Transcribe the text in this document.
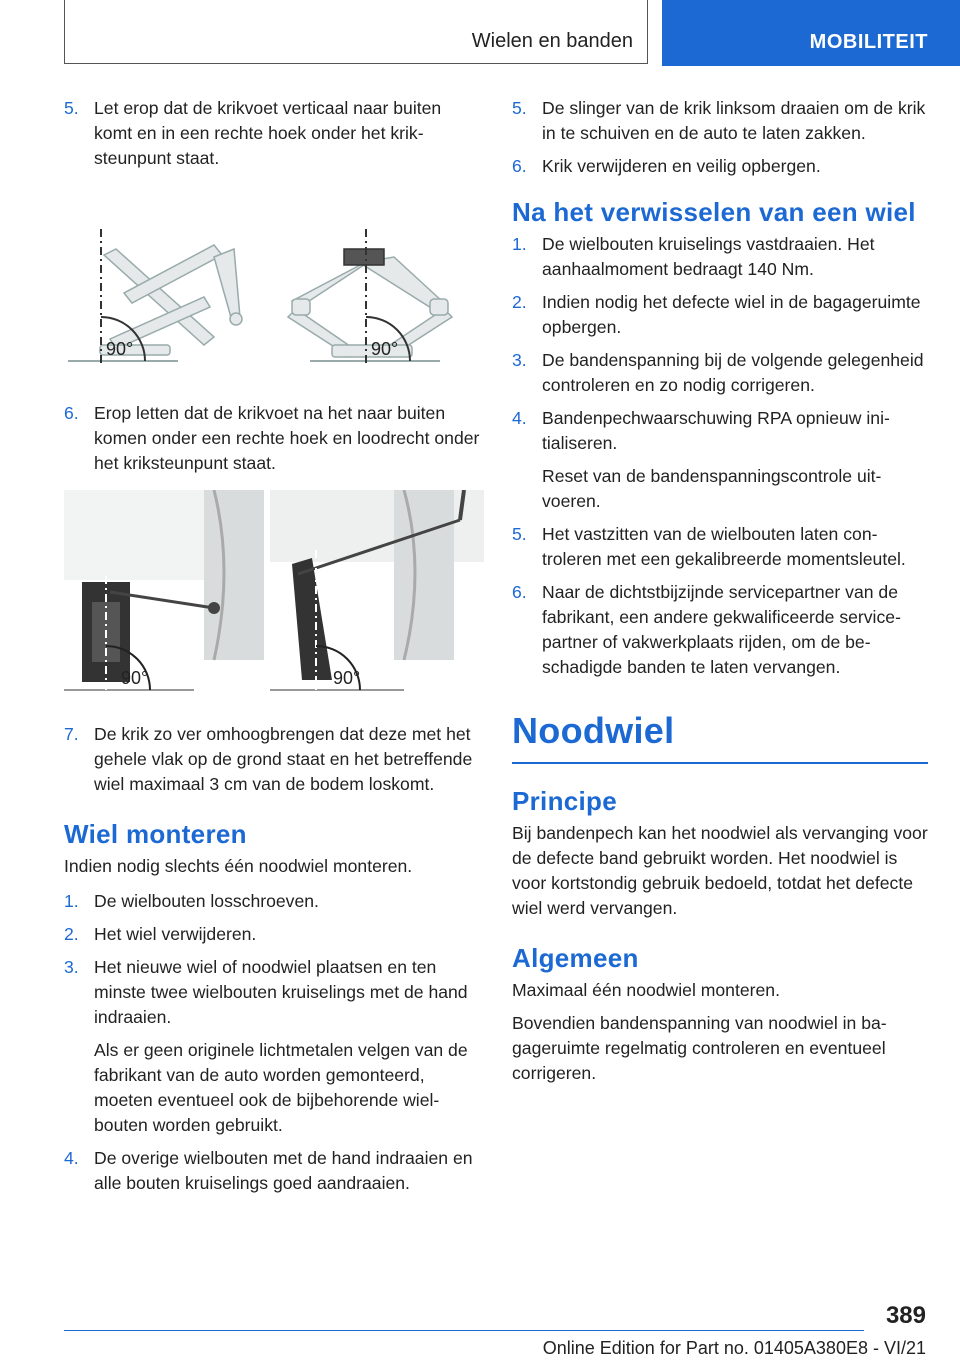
Wielen en banden	MOBILITEIT
5. Let erop dat de krikvoet verticaal naar buiten komt en in een rechte hoek onder het kriksteunpunt staat.

90°	90°
6. Erop letten dat de krikvoet na het naar buiten komen onder een rechte hoek en loodrecht onder het kriksteunpunt staat.

90°	90°
7. De krik zo ver omhoogbrengen dat deze met het gehele vlak op de grond staat en het betreffende wiel maximaal 3 cm van de bodem loskomt.

Wiel monteren

Indien nodig slechts één noodwiel monteren.

1. De wielbouten losschroeven.

2. Het wiel verwijderen.

3. Het nieuwe wiel of noodwiel plaatsen en ten minste twee wielbouten kruiselings met de hand indraaien.

Als er geen originele lichtmetalen velgen van de fabrikant van de auto worden gemonteerd, moeten eventueel ook de bijbehorende wielbouten worden gebruikt.

4. De overige wielbouten met de hand indraaien en alle bouten kruiselings goed aandraaien.

5. De slinger van de krik linksom draaien om de krik in te schuiven en de auto te laten zakken.

6. Krik verwijderen en veilig opbergen.

Na het verwisselen van een wiel
1. De wielbouten kruiselings vastdraaien. Het aanhaalmoment bedraagt 140 Nm.

2. Indien nodig het defecte wiel in de bagageruimte opbergen.

3. De bandenspanning bij de volgende gelegenheid controleren en zo nodig corrigeren.

4. Bandenpechwaarschuwing RPA opnieuw initialiseren.

Reset van de bandenspanningscontrole uitvoeren.

5. Het vastzitten van de wielbouten laten controleren met een gekalibreerde momentsleutel.

6. Naar de dichtstbijzijnde servicepartner van de fabrikant, een andere gekwalificeerde servicepartner of vakwerkplaats rijden, om de beschadigde banden te laten vervangen.

Noodwiel
Principe

Bij bandenpech kan het noodwiel als vervanging voor de defecte band gebruikt worden. Het noodwiel is voor kortstondig gebruik bedoeld, totdat het defecte wiel werd vervangen.

Algemeen

Maximaal één noodwiel monteren.

Bovendien bandenspanning van noodwiel in bagageruimte regelmatig controleren en eventueel corrigeren.

389
Online Edition for Part no. 01405A380E8 - VI/21
